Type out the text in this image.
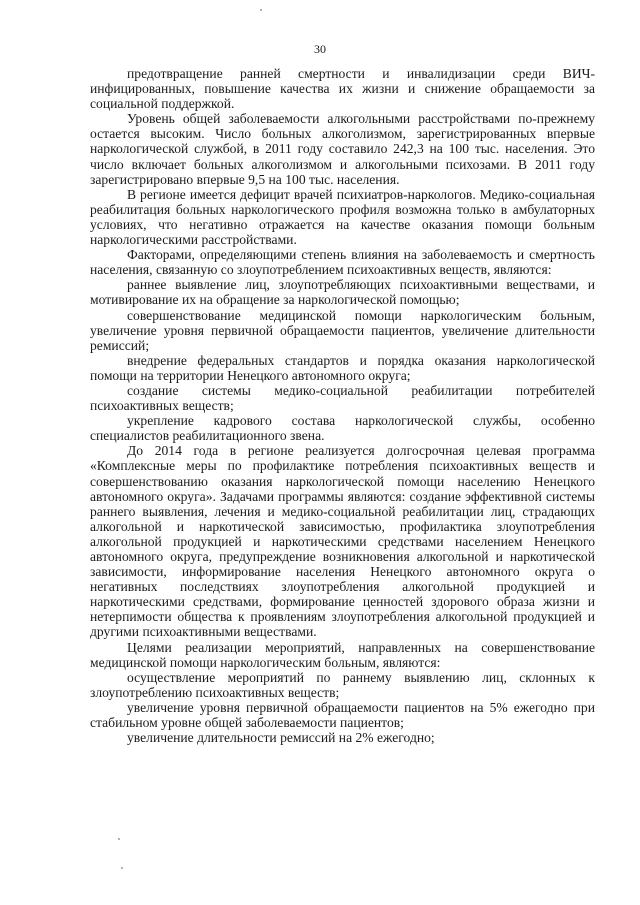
30

предотвращение ранней смертности и инвалидизации среди ВИЧ-инфицированных, повышение качества их жизни и снижение обращаемости за социальной поддержкой.

Уровень общей заболеваемости алкогольными расстройствами по-прежнему остается высоким. Число больных алкоголизмом, зарегистрированных впервые наркологической службой, в 2011 году составило 242,3 на 100 тыс. населения. Это число включает больных алкоголизмом и алкогольными психозами. В 2011 году зарегистрировано впервые 9,5 на 100 тыс. населения.

В регионе имеется дефицит врачей психиатров-наркологов. Медико-социальная реабилитация больных наркологического профиля возможна только в амбулаторных условиях, что негативно отражается на качестве оказания помощи больным наркологическими расстройствами.

Факторами, определяющими степень влияния на заболеваемость и смертность населения, связанную со злоупотреблением психоактивных веществ, являются:

раннее выявление лиц, злоупотребляющих психоактивными веществами, и мотивирование их на обращение за наркологической помощью;

совершенствование медицинской помощи наркологическим больным, увеличение уровня первичной обращаемости пациентов, увеличение длительности ремиссий;

внедрение федеральных стандартов и порядка оказания наркологической помощи на территории Ненецкого автономного округа;

создание системы медико-социальной реабилитации потребителей психоактивных веществ;

укрепление кадрового состава наркологической службы, особенно специалистов реабилитационного звена.

До 2014 года в регионе реализуется долгосрочная целевая программа «Комплексные меры по профилактике потребления психоактивных веществ и совершенствованию оказания наркологической помощи населению Ненецкого автономного округа». Задачами программы являются: создание эффективной системы раннего выявления, лечения и медико-социальной реабилитации лиц, страдающих алкогольной и наркотической зависимостью, профилактика злоупотребления алкогольной продукцией и наркотическими средствами населением Ненецкого автономного округа, предупреждение возникновения алкогольной и наркотической зависимости, информирование населения Ненецкого автономного округа о негативных последствиях злоупотребления алкогольной продукцией и наркотическими средствами, формирование ценностей здорового образа жизни и нетерпимости общества к проявлениям злоупотребления алкогольной продукцией и другими психоактивными веществами.

Целями реализации мероприятий, направленных на совершенствование медицинской помощи наркологическим больным, являются:

осуществление мероприятий по раннему выявлению лиц, склонных к злоупотреблению психоактивных веществ;

увеличение уровня первичной обращаемости пациентов на 5% ежегодно при стабильном уровне общей заболеваемости пациентов;

увеличение длительности ремиссий на 2% ежегодно;
